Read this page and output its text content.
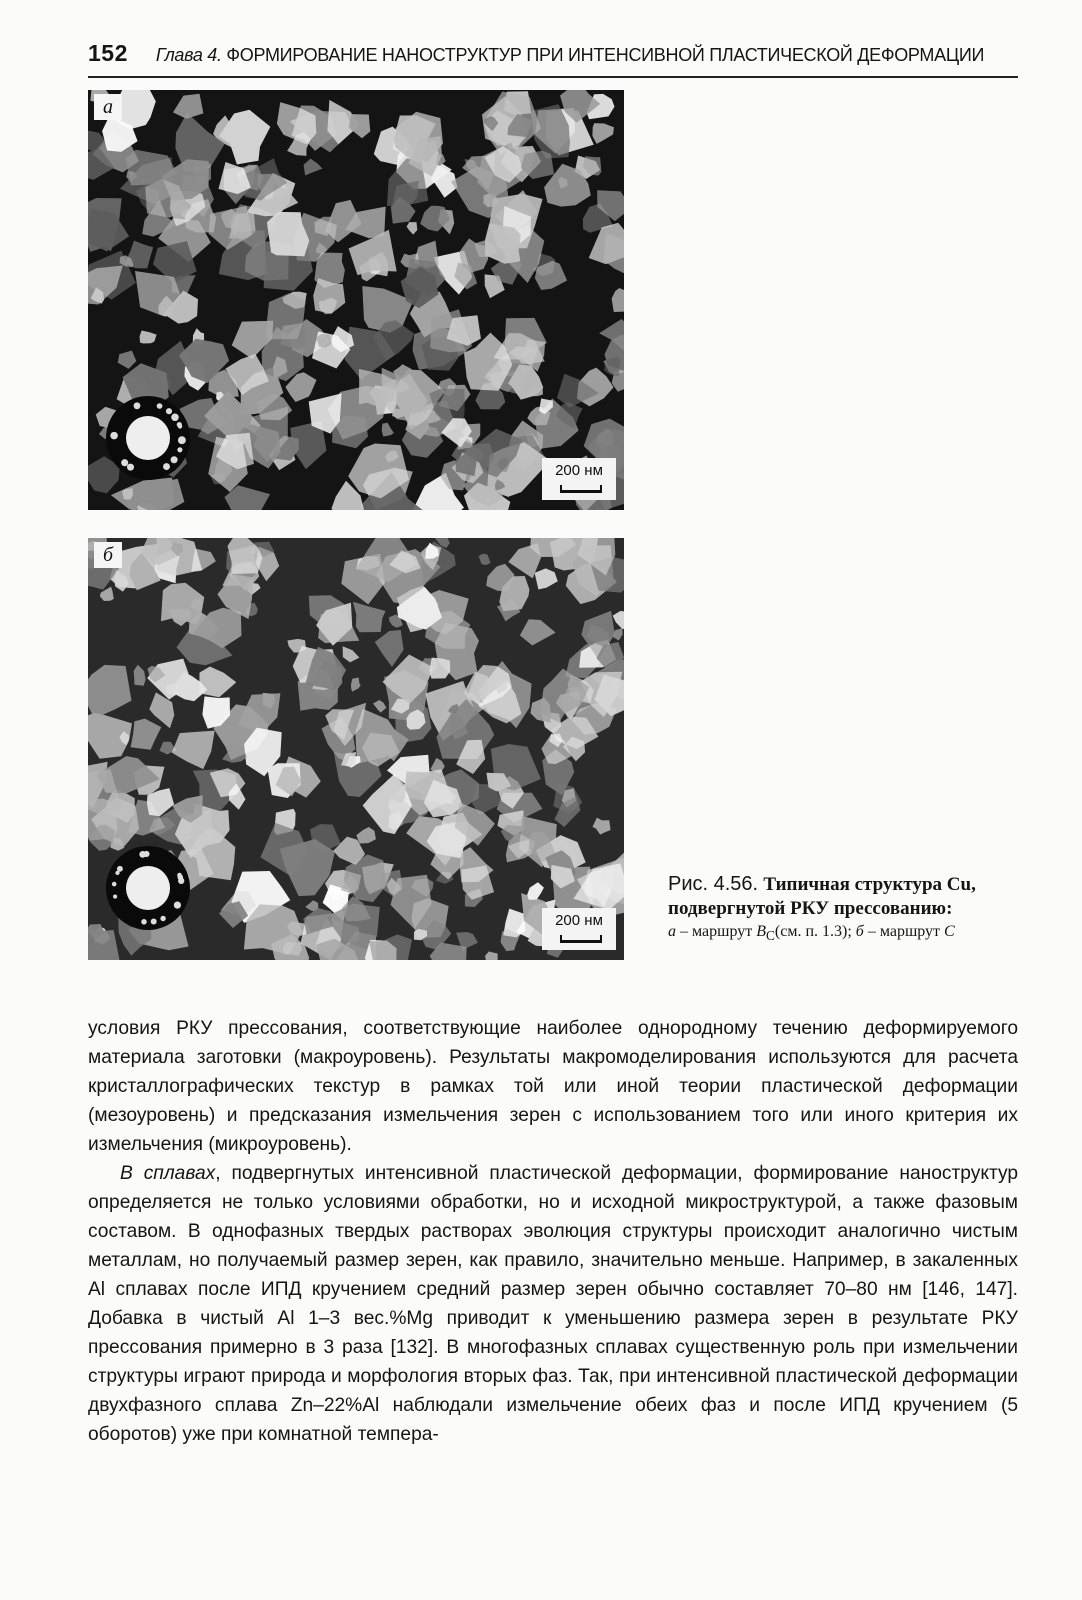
152 Глава 4. ФОРМИРОВАНИЕ НАНОСТРУКТУР ПРИ ИНТЕНСИВНОЙ ПЛАСТИЧЕСКОЙ ДЕФОРМАЦИИ
а
200 нм
б
200 нм
Рис. 4.56. Типичная структура Cu, подвергнутой РКУ прессованию:
а – маршрут $B_C(см$. п. 1.3); б – маршрут C

условия РКУ прессования, соответствующие наиболее однородному течению деформируемого материала заготовки (макроуровень). Результаты макромоделирования используются для расчета кристаллографических текстур в рамках той или иной теории пластической деформации (мезоуровень) и предсказания измельчения зерен с использованием того или иного критерия их измельчения (микроуровень).

В сплавах, подвергнутых интенсивной пластической деформации, формирование наноструктур определяется не только условиями обработки, но и исходной микроструктурой, а также фазовым составом. В однофазных твердых растворах эволюция структуры происходит аналогично чистым металлам, но получаемый размер зерен, как правило, значительно меньше. Например, в закаленных Al сплавах после ИПД кручением средний размер зерен обычно составляет 70–80 нм [146, 147]. Добавка в чистый Al 1–3 вес.%Mg приводит к уменьшению размера зерен в результате РКУ прессования примерно в 3 раза [132]. В многофазных сплавах существенную роль при измельчении структуры играют природа и морфология вторых фаз. Так, при интенсивной пластической деформации двухфазного сплава Zn–22%Al наблюдали измельчение обеих фаз и после ИПД кручением (5 оборотов) уже при комнатной темпера-
